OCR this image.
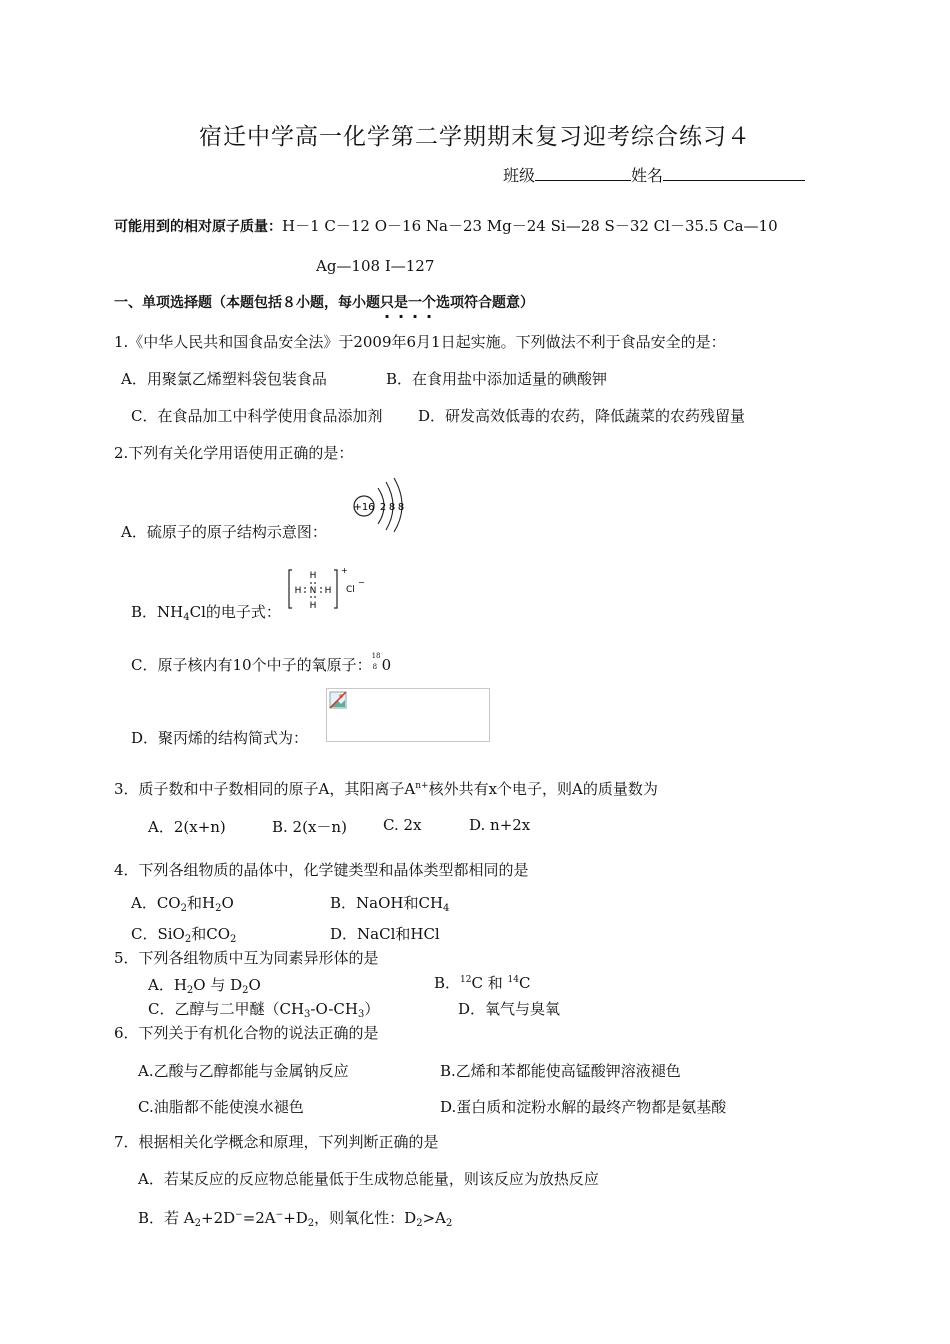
宿迁中学高一化学第二学期期末复习迎考综合练习４
班级	姓名
可能用到的相对原子质量：H－1 C－12 O－16 Na－23 Mg－24 Si—28 S－32 Cl－35.5 Ca—10
Ag—108 I—127
一、单项选择题（本题包括８小题，每小题只是一个选项符合题意）
1.《中华人民共和国食品安全法》于2009年6月1日起实施。下列做法不利于食品安全的是：
A．用聚氯乙烯塑料袋包装食品	B．在食用盐中添加适量的碘酸钾
C．在食品加工中科学使用食品添加剂 D．研发高效低毒的农药，降低蔬菜的农药残留量
2.下列有关化学用语使用正确的是：
A．硫原子的原子结构示意图：
+16 2 8 8
B．$NH_4Cl$的电子式：
H
H N H
H
+
Cl
−
C．原子核内有10个中子的氧原子： 18
8 0
D．聚丙烯的结构简式为：
3．质子数和中子数相同的原子A，其阳离子$A^{n+}$核外共有x个电子，则A的质量数为
A．2(x+n)	B. 2(x－n) C. 2x	D. n+2x
4．下列各组物质的晶体中，化学键类型和晶体类型都相同的是
A．$CO_2$和$H_2O$	B．NaOH和$CH_4$
C．SiO$_2$和$CO_2$	D．NaCl和HCl
5．下列各组物质中互为同素异形体的是
A．$H_2O$ 与 $D_2O$	B．$^{12}$C 和 $^{14}$C
C．乙醇与二甲醚$(CH_3-O-CH_3)$	D．氧气与臭氧
6．下列关于有机化合物的说法正确的是
A.乙酸与乙醇都能与金属钠反应	B.乙烯和苯都能使高锰酸钾溶液褪色
C.油脂都不能使溴水褪色	D.蛋白质和淀粉水解的最终产物都是氨基酸
7．根据相关化学概念和原理，下列判断正确的是
A．若某反应的反应物总能量低于生成物总能量，则该反应为放热反应
B．若 $A_2+2D^-=2A^-+D_2$，则氧化性：$D_2>A_2$
